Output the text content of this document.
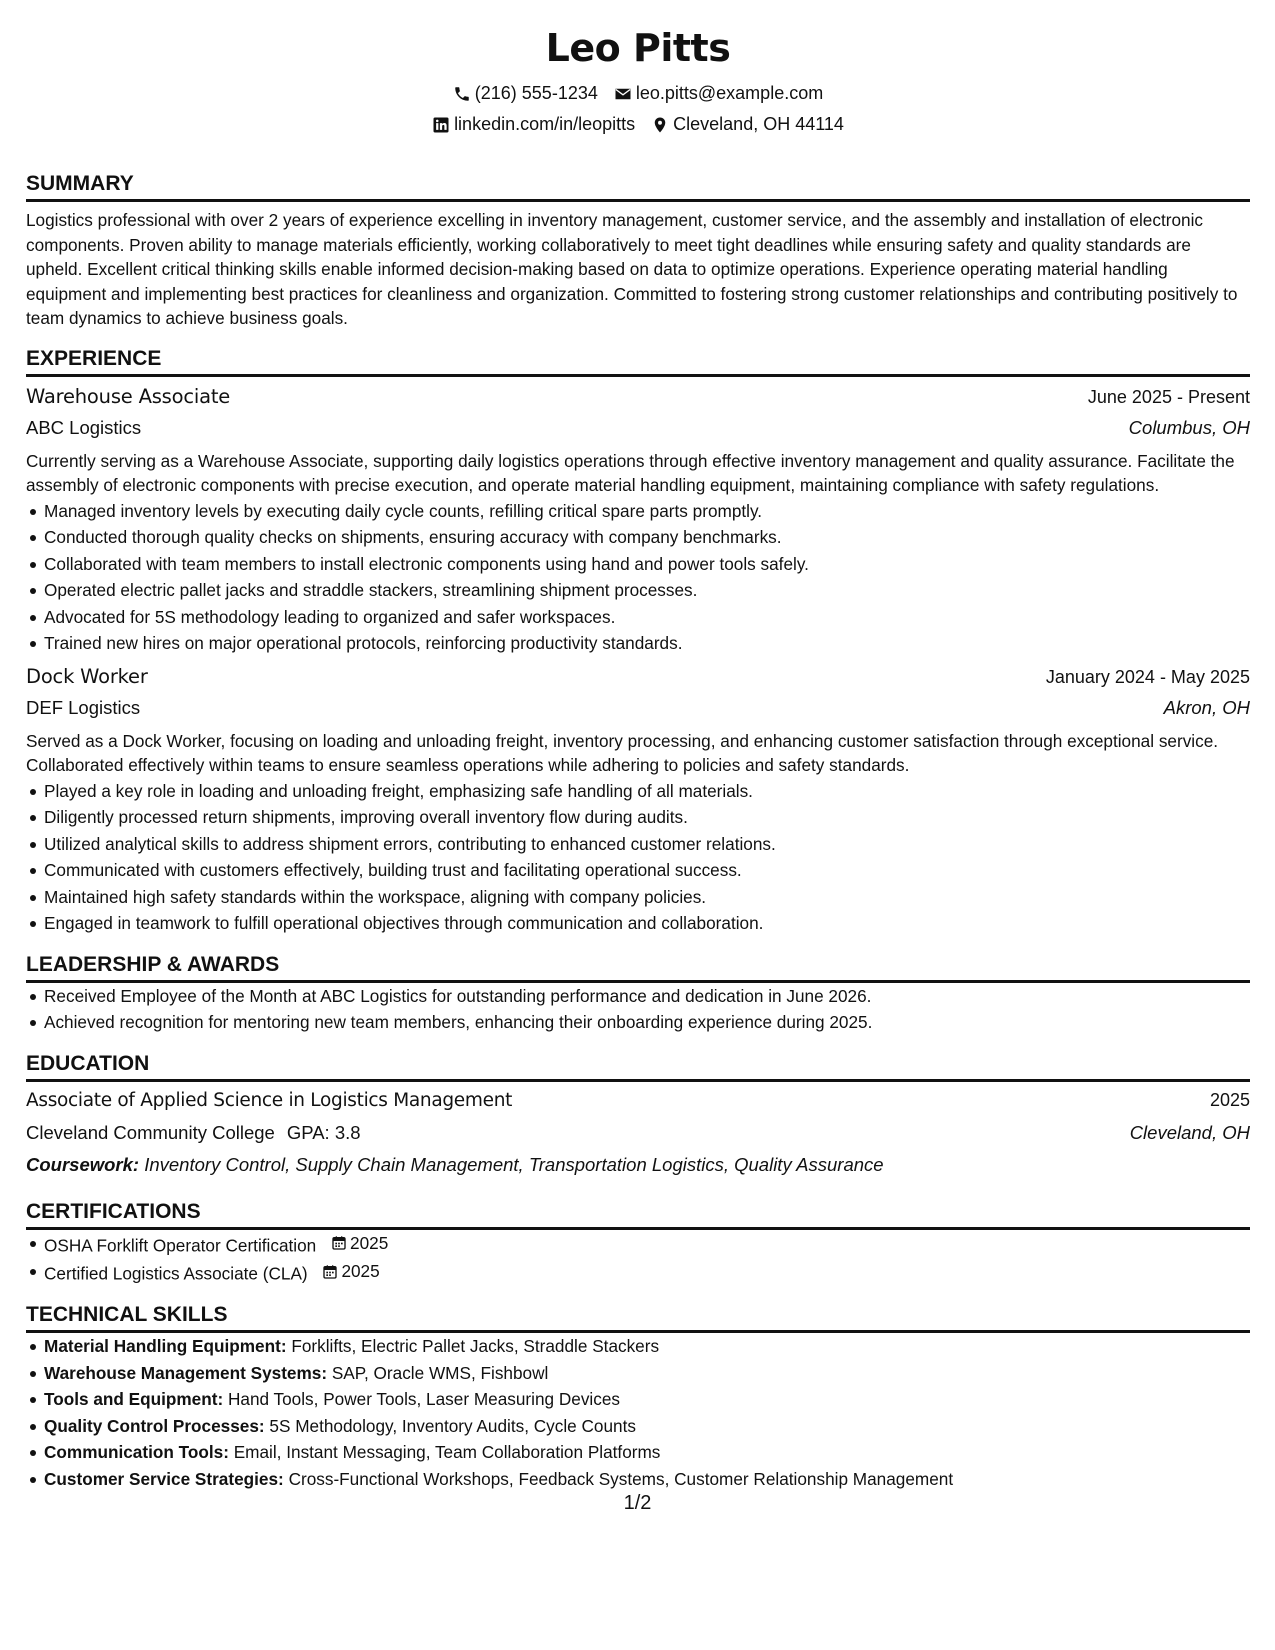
Leo Pitts
(216) 555-1234 leo.pitts@example.com
linkedin.com/in/leopitts Cleveland, OH 44114
SUMMARY

Logistics professional with over 2 years of experience excelling in inventory management, customer service, and the assembly and installation of electronic components. Proven ability to manage materials efficiently, working collaboratively to meet tight deadlines while ensuring safety and quality standards are upheld. Excellent critical thinking skills enable informed decision-making based on data to optimize operations. Experience operating material handling equipment and implementing best practices for cleanliness and organization. Committed to fostering strong customer relationships and contributing positively to team dynamics to achieve business goals.

EXPERIENCE
Warehouse Associate	June 2025 - Present
ABC Logistics	Columbus, OH

Currently serving as a Warehouse Associate, supporting daily logistics operations through effective inventory management and quality assurance. Facilitate the assembly of electronic components with precise execution, and operate material handling equipment, maintaining compliance with safety regulations.

Managed inventory levels by executing daily cycle counts, refilling critical spare parts promptly.
Conducted thorough quality checks on shipments, ensuring accuracy with company benchmarks.
Collaborated with team members to install electronic components using hand and power tools safely.
Operated electric pallet jacks and straddle stackers, streamlining shipment processes.
Advocated for 5S methodology leading to organized and safer workspaces.
Trained new hires on major operational protocols, reinforcing productivity standards.
Dock Worker	January 2024 - May 2025
DEF Logistics	Akron, OH

Served as a Dock Worker, focusing on loading and unloading freight, inventory processing, and enhancing customer satisfaction through exceptional service. Collaborated effectively within teams to ensure seamless operations while adhering to policies and safety standards.

Played a key role in loading and unloading freight, emphasizing safe handling of all materials.
Diligently processed return shipments, improving overall inventory flow during audits.
Utilized analytical skills to address shipment errors, contributing to enhanced customer relations.
Communicated with customers effectively, building trust and facilitating operational success.
Maintained high safety standards within the workspace, aligning with company policies.
Engaged in teamwork to fulfill operational objectives through communication and collaboration.
LEADERSHIP & AWARDS
Received Employee of the Month at ABC Logistics for outstanding performance and dedication in June 2026.
Achieved recognition for mentoring new team members, enhancing their onboarding experience during 2025.
EDUCATION
Associate of Applied Science in Logistics Management	2025
Cleveland Community College GPA: 3.8	Cleveland, OH
Coursework: Inventory Control, Supply Chain Management, Transportation Logistics, Quality Assurance
CERTIFICATIONS
OSHA Forklift Operator Certification 2025
Certified Logistics Associate (CLA) 2025
TECHNICAL SKILLS
Material Handling Equipment: Forklifts, Electric Pallet Jacks, Straddle Stackers
Warehouse Management Systems: SAP, Oracle WMS, Fishbowl
Tools and Equipment: Hand Tools, Power Tools, Laser Measuring Devices
Quality Control Processes: 5S Methodology, Inventory Audits, Cycle Counts
Communication Tools: Email, Instant Messaging, Team Collaboration Platforms
Customer Service Strategies: Cross-Functional Workshops, Feedback Systems, Customer Relationship Management
1/2
